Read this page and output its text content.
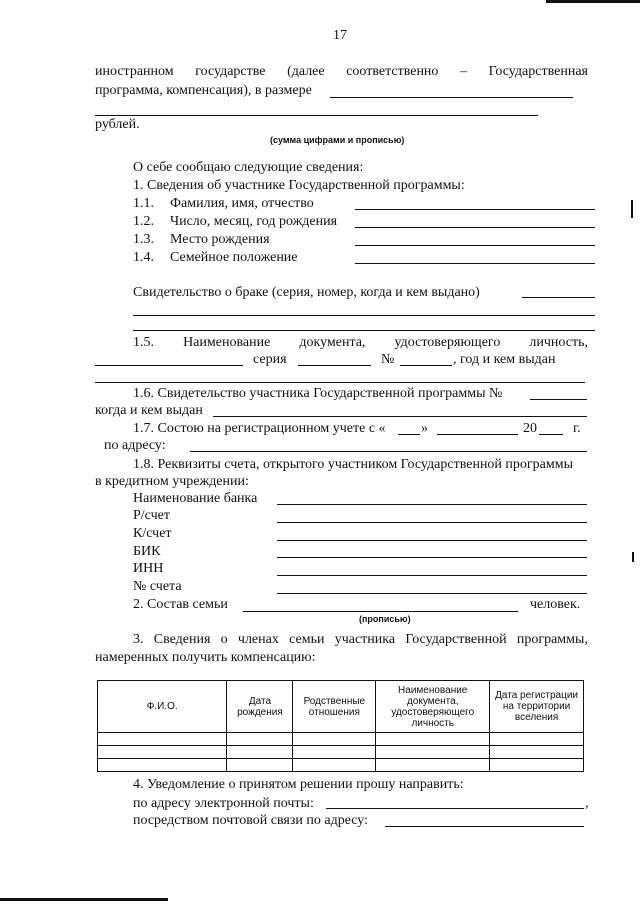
17
иностранном государстве (далее соответственно – Государственная
программа, компенсация), в размере
рублей.
(сумма цифрами и прописью)
О себе сообщаю следующие сведения:
1. Сведения об участнике Государственной программы:
1.1. Фамилия, имя, отчество
1.2. Число, месяц, год рождения
1.3. Место рождения
1.4. Семейное положение
Свидетельство о браке (серия, номер, когда и кем выдано)
1.5. Наименование документа, удостоверяющего личность,
серия	№	, год и кем выдан
1.6. Свидетельство участника Государственной программы №
когда и кем выдан
1.7. Состою на регистрационном учете с «	»	20	г.
по адресу:
1.8. Реквизиты счета, открытого участником Государственной программы
в кредитном учреждении:
Наименование банка
Р/счет
К/счет
БИК
ИНН
№ счета
2. Состав семьи	человек.
(прописью)
3. Сведения о членах семьи участника Государственной программы,
намеренных получить компенсацию:
Ф.И.О.	Дата рождения	Родственные отношения	Наименование документа, удостоверяющего личность	Дата регистрации на территории вселения

4. Уведомление о принятом решении прошу направить:
по адресу электронной почты:	,
посредством почтовой связи по адресу:
